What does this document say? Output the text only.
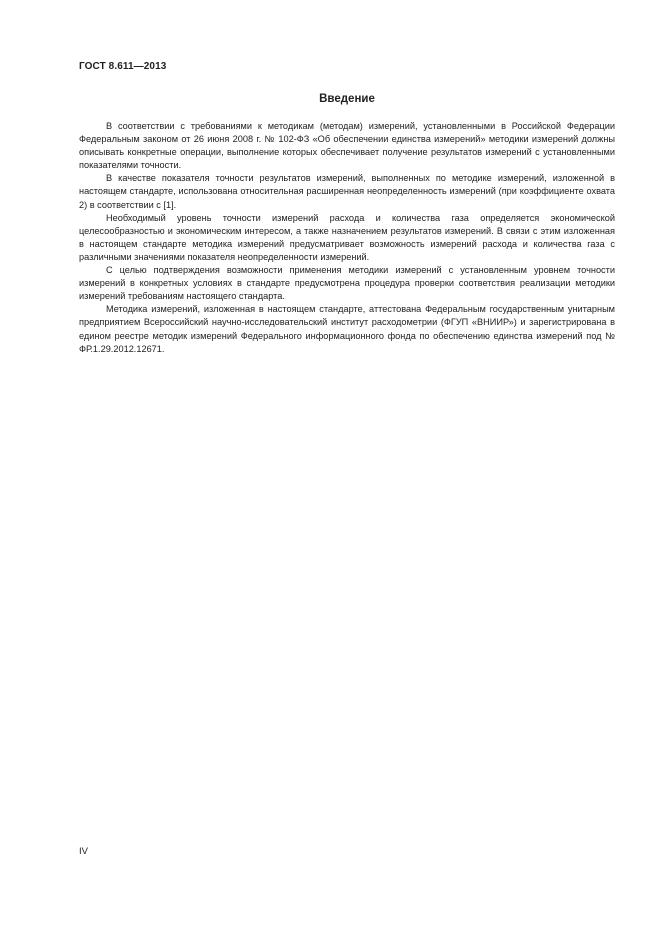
ГОСТ 8.611—2013
Введение

В соответствии с требованиями к методикам (методам) измерений, установленными в Российской Федерации Федеральным законом от 26 июня 2008 г. № 102-ФЗ «Об обеспечении единства измерений» методики измерений должны описывать конкретные операции, выполнение которых обеспечивает получение результатов измерений с установленными показателями точности.

В качестве показателя точности результатов измерений, выполненных по методике измерений, изложенной в настоящем стандарте, использована относительная расширенная неопределенность измерений (при коэффициенте охвата 2) в соответствии с [1].

Необходимый уровень точности измерений расхода и количества газа определяется экономической целесообразностью и экономическим интересом, а также назначением результатов измерений. В связи с этим изложенная в настоящем стандарте методика измерений предусматривает возможность измерений расхода и количества газа с различными значениями показателя неопределенности измерений.

С целью подтверждения возможности применения методики измерений с установленным уровнем точности измерений в конкретных условиях в стандарте предусмотрена процедура проверки соответствия реализации методики измерений требованиям настоящего стандарта.

Методика измерений, изложенная в настоящем стандарте, аттестована Федеральным государственным унитарным предприятием Всероссийский научно-исследовательский институт расходометрии (ФГУП «ВНИИР») и зарегистрирована в едином реестре методик измерений Федерального информационного фонда по обеспечению единства измерений под № ФР.1.29.2012.12671.

IV
